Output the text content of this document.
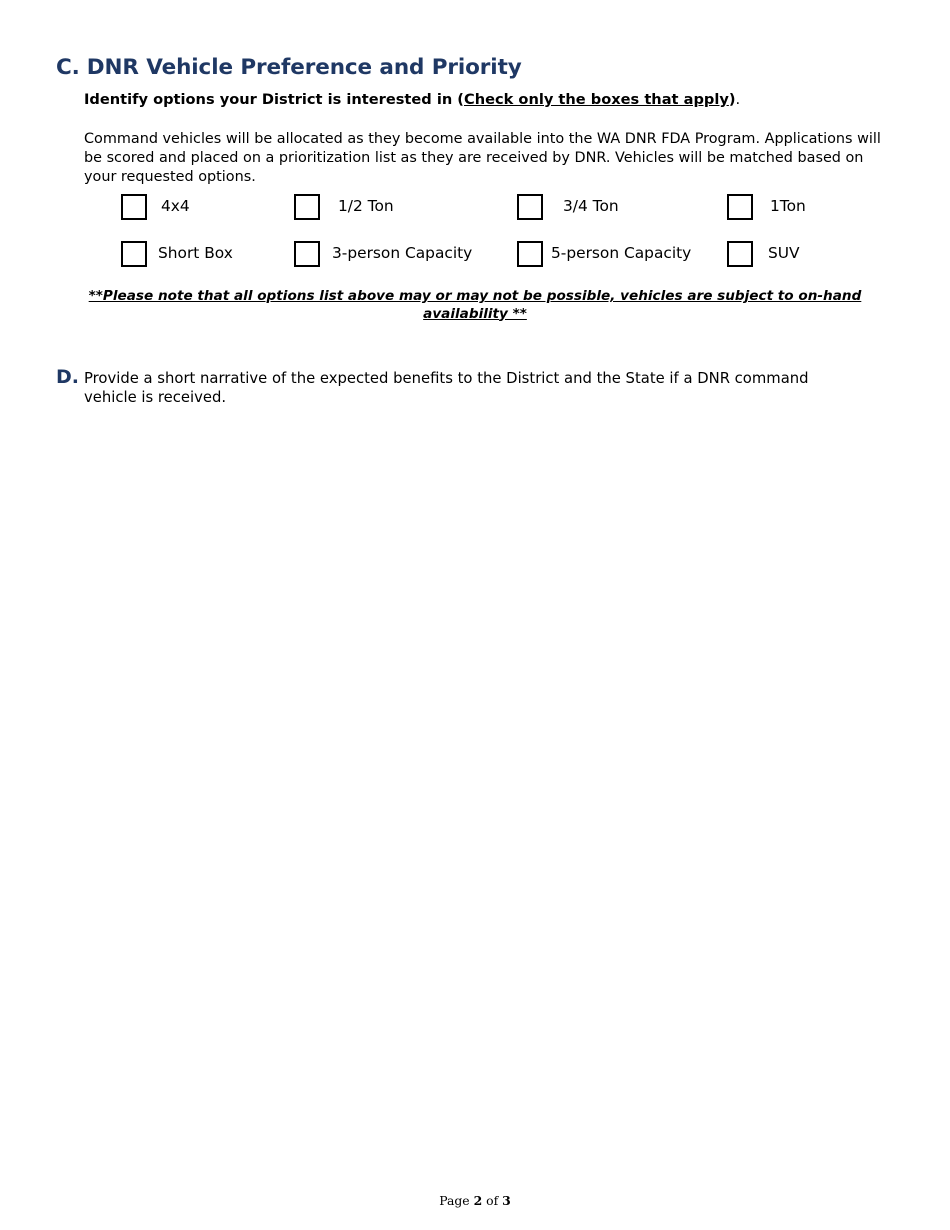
C. DNR Vehicle Preference and Priority
Identify options your District is interested in (Check only the boxes that apply).
Command vehicles will be allocated as they become available into the WA DNR FDA Program. Applications will be scored and placed on a prioritization list as they are received by DNR. Vehicles will be matched based on your requested options.
4x4	1/2 Ton	3/4 Ton	1Ton
Short Box	3-person Capacity	5-person Capacity	SUV
**Please note that all options list above may or may not be possible, vehicles are subject to on-hand availability **
D. Provide a short narrative of the expected benefits to the District and the State if a DNR command vehicle is received.
Page 2 of 3
